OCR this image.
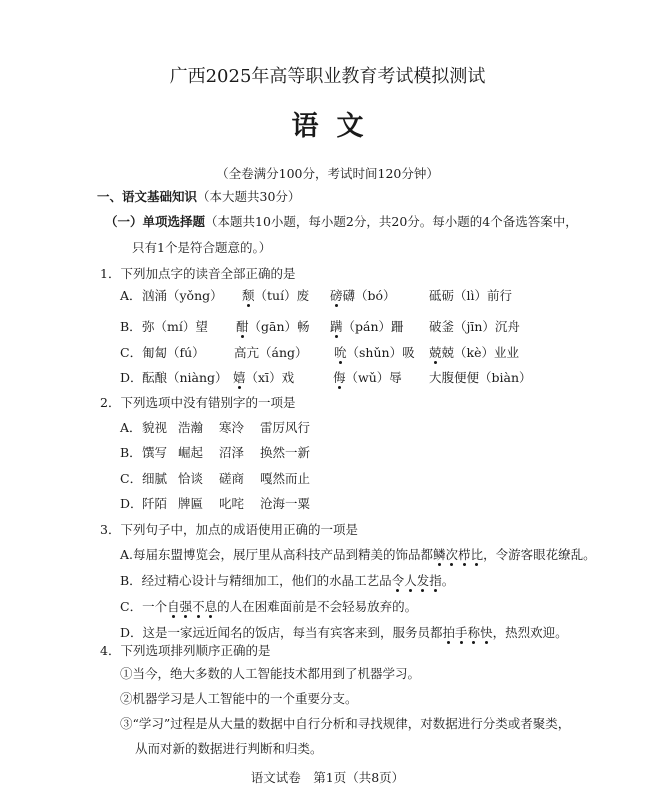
广西2025年高等职业教育考试模拟测试
语文
（全卷满分100分，考试时间120分钟）
一、语文基础知识（本大题共30分）
（一）单项选择题（本题共10小题，每小题2分，共20分。每小题的4个备选答案中，
只有1个是符合题意的。）
1．下列加点字的读音全部正确的是
A． 汹涌（yǒng） 颓（tuí）废 磅礴（bó）	砥砺（lì）前行
B． 弥（mí）望 酣（gān）畅 蹒（pán）跚 破釜（jīn）沉舟
C． 匍匐（fú） 高亢（áng） 吮（shǔn）吸 兢兢（kè）业业
D． 酝酿（niàng） 嬉（xī）戏	侮（wǔ）辱 大腹便便（biàn）
2．下列选项中没有错别字的一项是
A． 貌视 浩瀚 寒泠 雷厉风行
B． 馔写 崛起 沼泽 换然一新
C． 细腻 恰谈 磋商 嘎然而止
D． 阡陌 牌匾 叱咤 沧海一粟
3．下列句子中，加点的成语使用正确的一项是
A.每届东盟博览会，展厅里从高科技产品到精美的饰品都鳞次栉比，令游客眼花缭乱。
B．经过精心设计与精细加工，他们的水晶工艺品令人发指。
C．一个自强不息的人在困难面前是不会轻易放弃的。
D．这是一家远近闻名的饭店，每当有宾客来到，服务员都拍手称快，热烈欢迎。
4．下列选项排列顺序正确的是
①当今，绝大多数的人工智能技术都用到了机器学习。
②机器学习是人工智能中的一个重要分支。
③“学习”过程是从大量的数据中自行分析和寻找规律，对数据进行分类或者聚类，
从而对新的数据进行判断和归类。
语文试卷　第1页（共8页）
